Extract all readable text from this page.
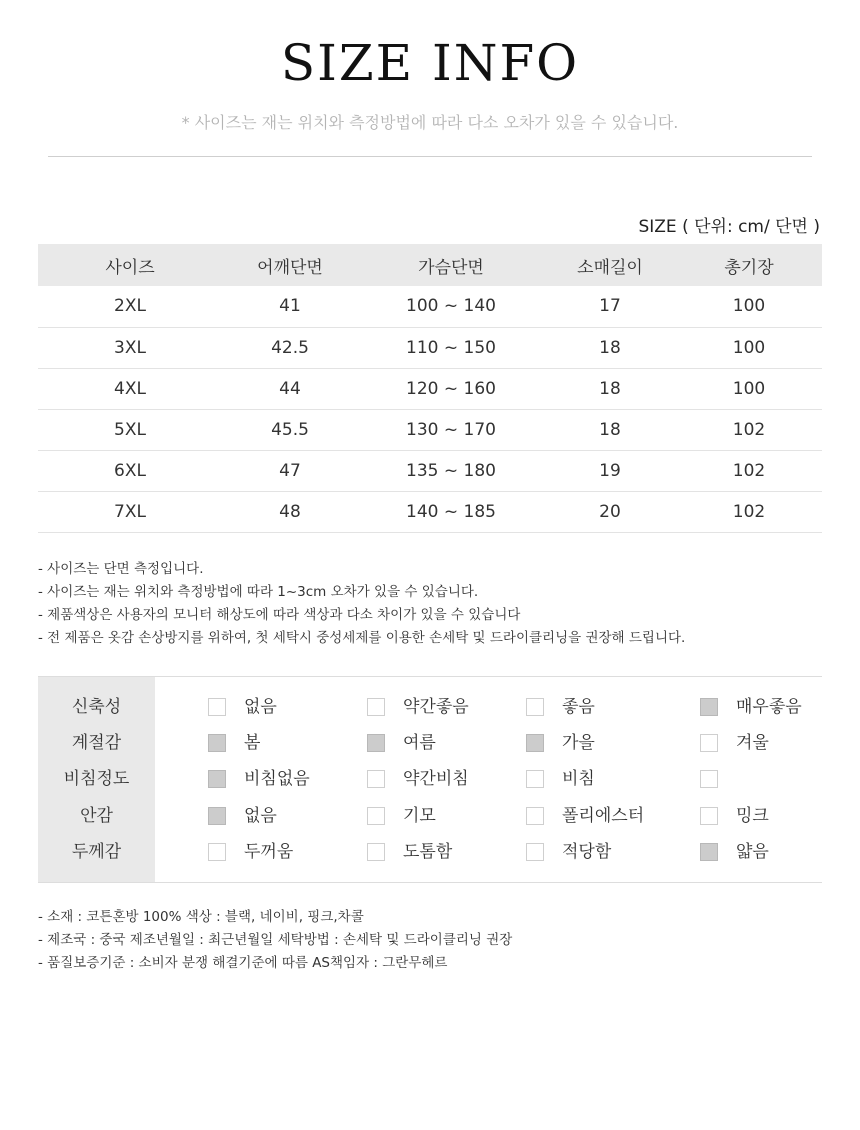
SIZE INFO
* 사이즈는 재는 위치와 측정방법에 따라 다소 오차가 있을 수 있습니다.
SIZE ( 단위: cm/ 단면 )
사이즈	어깨단면	가슴단면	소매길이	총기장
2XL	41	100 ~ 140	17	100
3XL	42.5	110 ~ 150	18	100
4XL	44	120 ~ 160	18	100
5XL	45.5	130 ~ 170	18	102
6XL	47	135 ~ 180	19	102
7XL	48	140 ~ 185	20	102
- 사이즈는 단면 측정입니다.
- 사이즈는 재는 위치와 측정방법에 따라 1~3cm 오차가 있을 수 있습니다.
- 제품색상은 사용자의 모니터 해상도에 따라 색상과 다소 차이가 있을 수 있습니다
- 전 제품은 옷감 손상방지를 위하여, 첫 세탁시 중성세제를 이용한 손세탁 및 드라이클리닝을 권장해 드립니다.
신축성	없음	약간좋음	좋음	매우좋음
계절감	봄	여름	가을	겨울
비침정도	비침없음	약간비침	비침
안감	없음	기모	폴리에스터	밍크
두께감	두꺼움	도톰함	적당함	얇음
- 소재 : 코튼혼방 100% 색상 : 블랙, 네이비, 핑크,차콜
- 제조국 : 중국 제조년월일 : 최근년월일 세탁방법 : 손세탁 및 드라이클리닝 권장
- 품질보증기준 : 소비자 분쟁 해결기준에 따름 AS책임자 : 그란무헤르
